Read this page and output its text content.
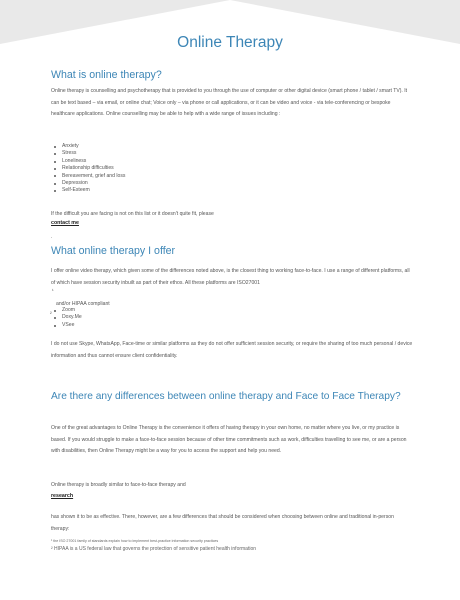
Online Therapy
What is online therapy?
Online therapy is counselling and psychotherapy that is provided to you through the use of computer or other digital device (smart phone / tablet / smart TV). It can be text based – via email, or online chat; Voice only – via phone or call applications, or it can be video and voice - via tele-conferencing or bespoke healthcare applications. Online counselling may be able to help with a wide range of issues including :
Anxiety
Stress
Loneliness
Relationship difficulties
Bereavement, grief and loss
Depression
Self-Esteem
If the difficult you are facing is not on this list or it doesn't quite fit, please
contact me
.
What online therapy I offer
I offer online video therapy, which given some of the differences noted above, is the closest thing to working face-to-face. I use a range of different platforms, all of which have session security inbuilt as part of their ethos. All these platforms are ISO27001
¹
and/or HIPAA compliant
²
Zoom
Doxy.Me
VSee
I do not use Skype, WhatsApp, Face-time or similar platforms as they do not offer sufficient session security, or require the sharing of too much personal / device information and thus cannot ensure client confidentiality.
Are there any differences between online therapy and Face to Face Therapy?
One of the great advantages to Online Therapy is the convenience it offers of having therapy in your own home, no matter where you live, or my practice is based. If you would struggle to make a face-to-face session because of other time commitments such as work, difficulties travelling to see me, or are a person with disabilities, then Online Therapy might be a way for you to access the support and help you need.
Online therapy is broadly similar to face-to-face therapy and
research
has shown it to be as effective. There, however, are a few differences that should be considered when choosing between online and traditional in-person therapy:
¹ the ISO 27001 family of standards explain how to implement best-practice information security practices
² HIPAA is a US federal law that governs the protection of sensitive patient health information
